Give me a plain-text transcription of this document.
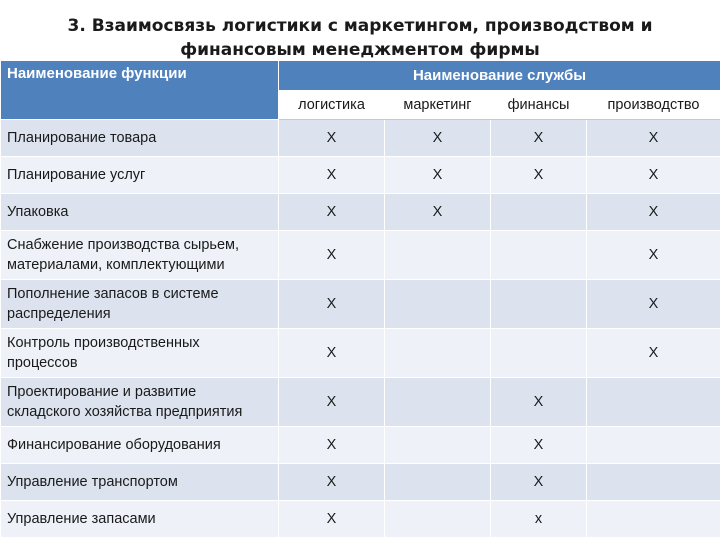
3. Взаимосвязь логистики с маркетингом, производством и
финансовым менеджментом фирмы
Наименование функции	Наименование службы			
	логистика	маркетинг	финансы	производство
Планирование товара	X	X	X	X
Планирование услуг	X	X	X	X
Упаковка	X	X		X
Снабжение производства сырьем, материалами, комплектующими	X			X
Пополнение запасов в системе распределения	X			X
Контроль производственных процессов	X			X
Проектирование и развитие складского хозяйства предприятия	X		X	
Финансирование оборудования	X		X	
Управление транспортом	X		X	
Управление запасами	X		x	
